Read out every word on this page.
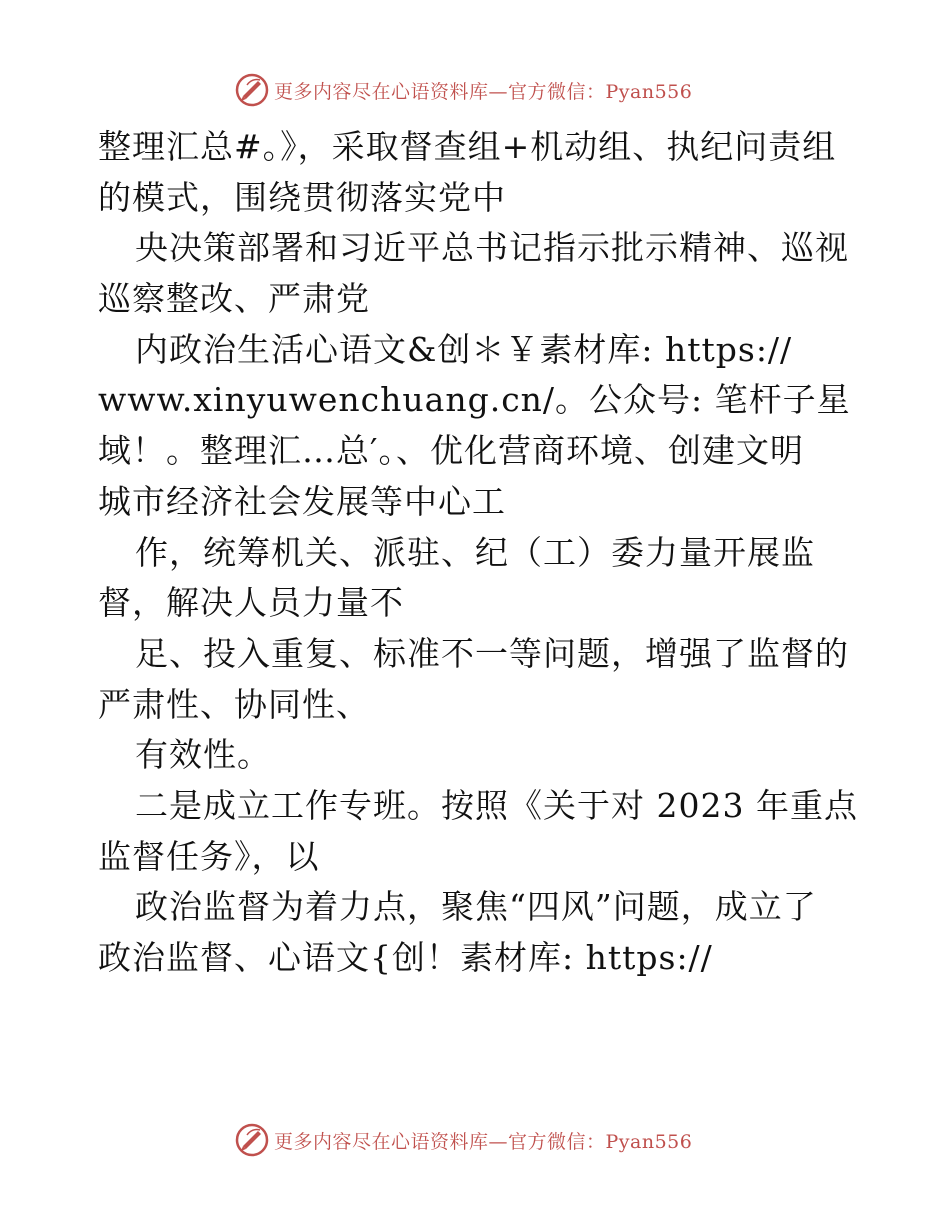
更多内容尽在心语资料库—官方微信：Pyan556
整理汇总#。》，采取督查组+机动组、执纪问责组
的模式，围绕贯彻落实党中
央决策部署和习近平总书记指示批示精神、巡视
巡察整改、严肃党
内政治生活心语文&创＊￥素材库: https://
www.xinyuwenchuang.cn/。公众号: 笔杆子星
域！。整理汇…总′。、优化营商环境、创建文明
城市经济社会发展等中心工
作，统筹机关、派驻、纪（工）委力量开展监
督，解决人员力量不
足、投入重复、标准不一等问题，增强了监督的
严肃性、协同性、
有效性。
二是成立工作专班。按照《关于对 2023 年重点
监督任务》，以
政治监督为着力点，聚焦“四风”问题，成立了
政治监督、心语文{创！素材库: https://
更多内容尽在心语资料库—官方微信：Pyan556
